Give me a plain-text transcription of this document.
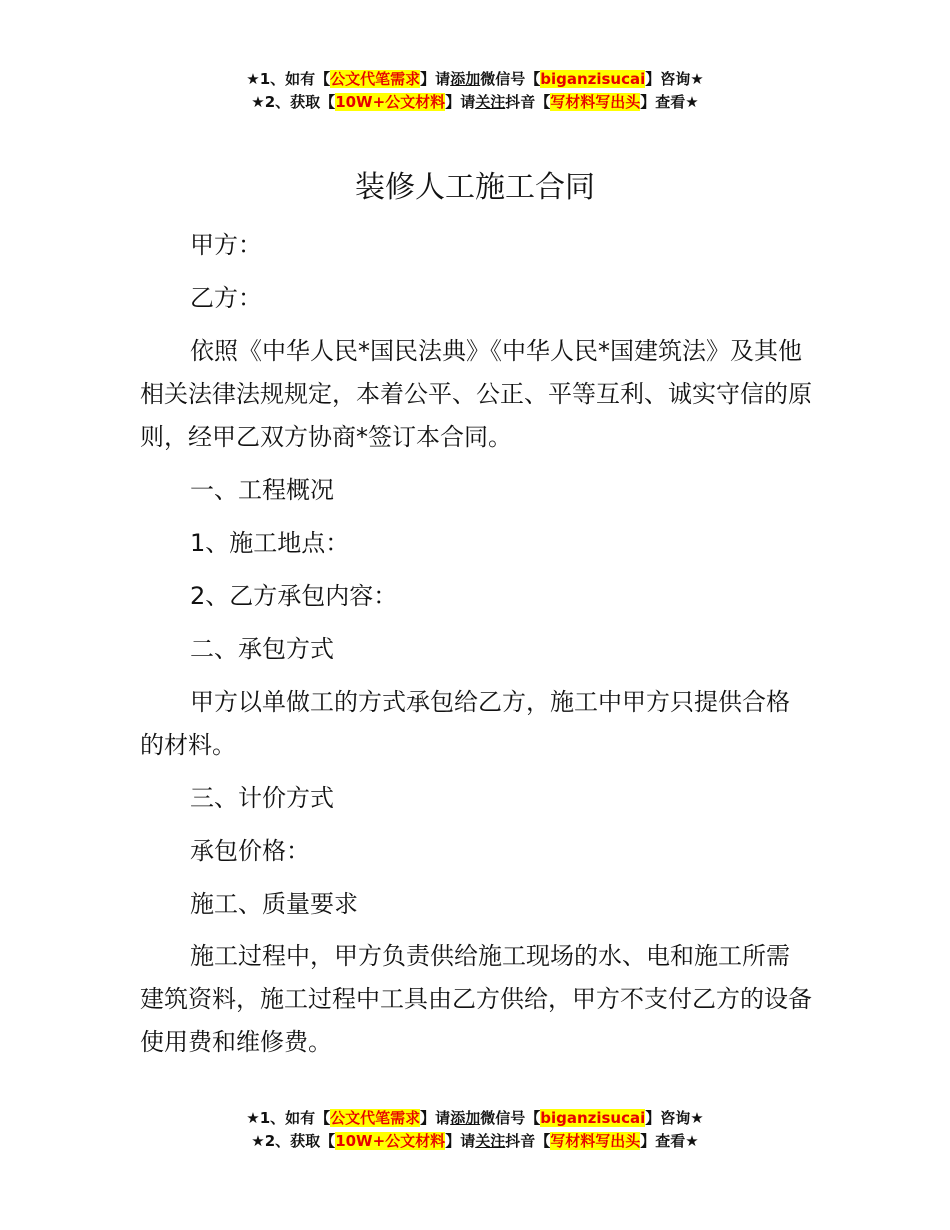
★1、如有【公文代笔需求】请添加微信号【biganzisucai】咨询★
★2、获取【10W+公文材料】请关注抖音【写材料写出头】查看★
装修人工施工合同
甲方：
乙方：
依照《中华人民*国民法典》《中华人民*国建筑法》及其他相关法律法规规定，本着公平、公正、平等互利、诚实守信的原则，经甲乙双方协商*签订本合同。
一、工程概况
1、施工地点：
2、乙方承包内容：
二、承包方式
甲方以单做工的方式承包给乙方，施工中甲方只提供合格的材料。
三、计价方式
承包价格：
施工、质量要求
施工过程中，甲方负责供给施工现场的水、电和施工所需建筑资料，施工过程中工具由乙方供给，甲方不支付乙方的设备使用费和维修费。
★1、如有【公文代笔需求】请添加微信号【biganzisucai】咨询★
★2、获取【10W+公文材料】请关注抖音【写材料写出头】查看★
